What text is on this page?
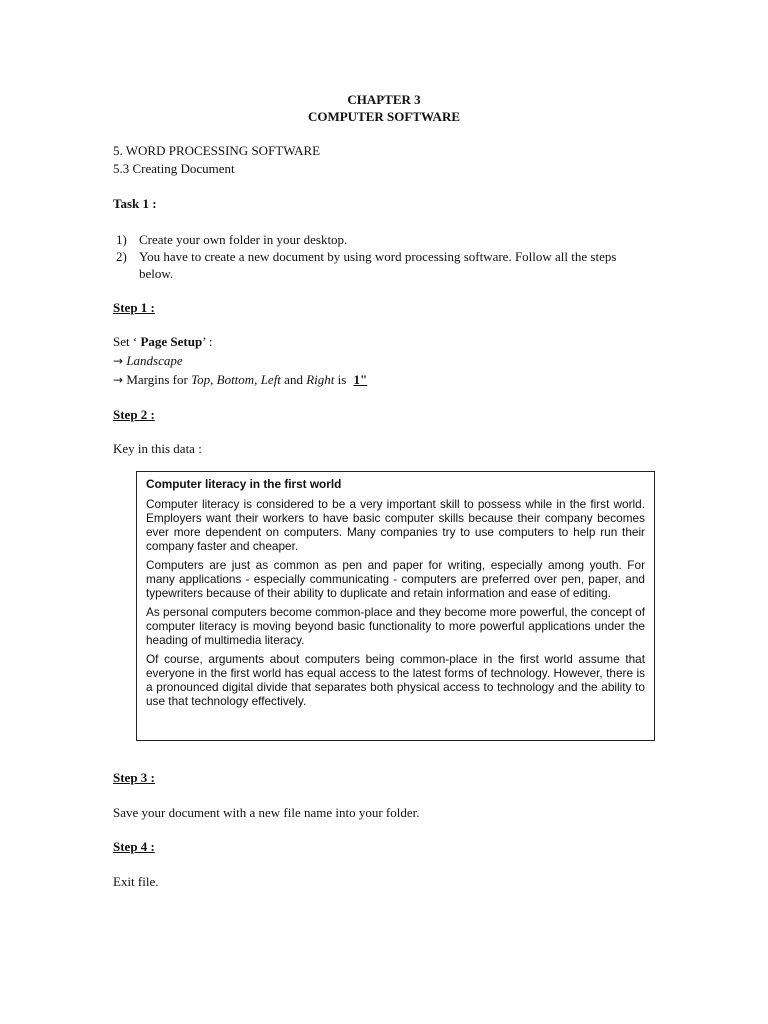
CHAPTER 3
COMPUTER SOFTWARE
5. WORD PROCESSING SOFTWARE
5.3 Creating Document
Task 1 :
1) Create your own folder in your desktop.
2) You have to create a new document by using word processing software. Follow all the steps below.
Step 1 :
Set ‘ Page Setup’ :
→ Landscape
→ Margins for Top, Bottom, Left and Right is 1"
Step 2 :
Key in this data :
Computer literacy in the first world

Computer literacy is considered to be a very important skill to possess while in the first world. Employers want their workers to have basic computer skills because their company becomes ever more dependent on computers. Many companies try to use computers to help run their company faster and cheaper.

Computers are just as common as pen and paper for writing, especially among youth. For many applications - especially communicating - computers are preferred over pen, paper, and typewriters because of their ability to duplicate and retain information and ease of editing.

As personal computers become common-place and they become more powerful, the concept of computer literacy is moving beyond basic functionality to more powerful applications under the heading of multimedia literacy.

Of course, arguments about computers being common-place in the first world assume that everyone in the first world has equal access to the latest forms of technology. However, there is a pronounced digital divide that separates both physical access to technology and the ability to use that technology effectively.

Step 3 :
Save your document with a new file name into your folder.
Step 4 :
Exit file.
